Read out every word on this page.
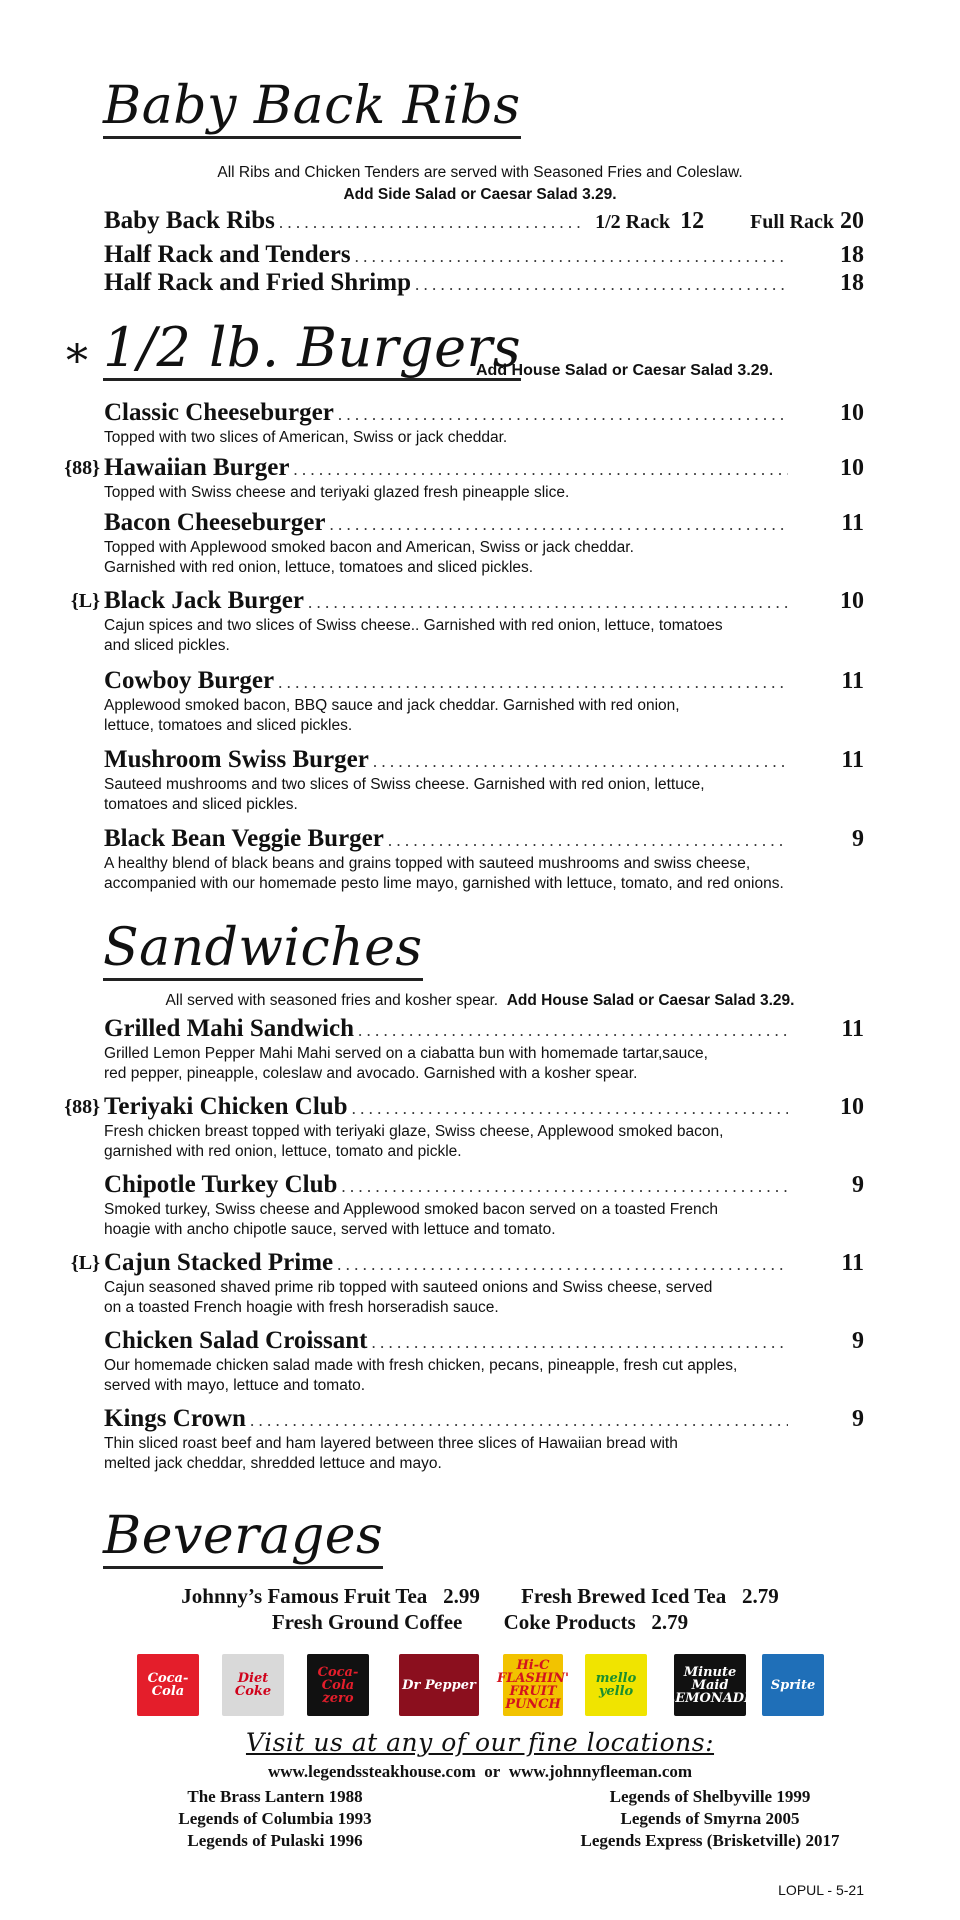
Baby Back Ribs
All Ribs and Chicken Tenders are served with Seasoned Fries and Coleslaw.
Add Side Salad or Caesar Salad 3.29.
Baby Back Ribs . . .	1/2 Rack 12 Full Rack 20
Half Rack and Tenders . . .	18
Half Rack and Fried Shrimp . . .	18
* 1/2 lb. Burgers
Add House Salad or Caesar Salad 3.29.
Classic Cheeseburger . . .	10
Topped with two slices of American, Swiss or jack cheddar.
{88} Hawaiian Burger . . .	10
Topped with Swiss cheese and teriyaki glazed fresh pineapple slice.
Bacon Cheeseburger . . .	11
Topped with Applewood smoked bacon and American, Swiss or jack cheddar.
Garnished with red onion, lettuce, tomatoes and sliced pickles.
{L} Black Jack Burger . . .	10
Cajun spices and two slices of Swiss cheese.. Garnished with red onion, lettuce, tomatoes
and sliced pickles.
Cowboy Burger . . .	11
Applewood smoked bacon, BBQ sauce and jack cheddar. Garnished with red onion,
lettuce, tomatoes and sliced pickles.
Mushroom Swiss Burger . . .	11
Sauteed mushrooms and two slices of Swiss cheese. Garnished with red onion, lettuce,
tomatoes and sliced pickles.
Black Bean Veggie Burger . . .	9
A healthy blend of black beans and grains topped with sauteed mushrooms and swiss cheese,
accompanied with our homemade pesto lime mayo, garnished with lettuce, tomato, and red onions.
Sandwiches
All served with seasoned fries and kosher spear. Add House Salad or Caesar Salad 3.29.
Grilled Mahi Sandwich . . .	11
Grilled Lemon Pepper Mahi Mahi served on a ciabatta bun with homemade tartar,sauce,
red pepper, pineapple, coleslaw and avocado. Garnished with a kosher spear.
{88} Teriyaki Chicken Club . . .	10
Fresh chicken breast topped with teriyaki glaze, Swiss cheese, Applewood smoked bacon,
garnished with red onion, lettuce, tomato and pickle.
Chipotle Turkey Club . . .	9
Smoked turkey, Swiss cheese and Applewood smoked bacon served on a toasted French
hoagie with ancho chipotle sauce, served with lettuce and tomato.
{L} Cajun Stacked Prime . . .	11
Cajun seasoned shaved prime rib topped with sauteed onions and Swiss cheese, served
on a toasted French hoagie with fresh horseradish sauce.
Chicken Salad Croissant . . .	9
Our homemade chicken salad made with fresh chicken, pecans, pineapple, fresh cut apples,
served with mayo, lettuce and tomato.
Kings Crown . . .	9
Thin sliced roast beef and ham layered between three slices of Hawaiian bread with
melted jack cheddar, shredded lettuce and mayo.
Beverages
Johnny’s Famous Fruit Tea 2.99 Fresh Brewed Iced Tea 2.79
Fresh Ground Coffee Coke Products 2.79
Coca-Cola
Diet Coke
Coca-Cola zero
Dr Pepper
Hi-C FLASHIN' FRUIT PUNCH
mello yello
Minute Maid LEMONADE
Sprite
Visit us at any of our fine locations:
www.legendssteakhouse.com or www.johnnyfleeman.com
The Brass Lantern 1988
Legends of Columbia 1993
Legends of Pulaski 1996
Legends of Shelbyville 1999
Legends of Smyrna 2005
Legends Express (Brisketville) 2017
LOPUL - 5-21
